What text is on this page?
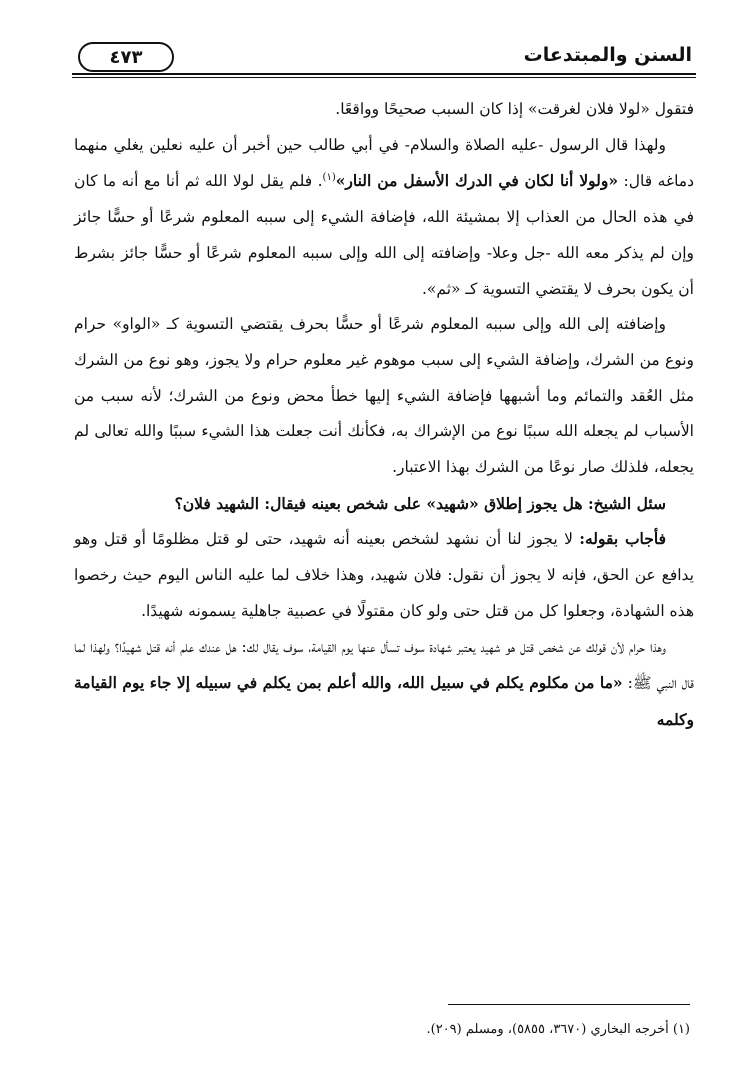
السنن والمبتدعات
٤٧٣

فتقول «لولا فلان لغرقت» إذا كان السبب صحيحًا وواقعًا.

ولهذا قال الرسول -عليه الصلاة والسلام- في أبي طالب حين أخبر أن عليه نعلين يغلي منهما دماغه قال: «ولولا أنا لكان في الدرك الأسفل من النار»$^{(١)}$. فلم يقل لولا الله ثم أنا مع أنه ما كان في هذه الحال من العذاب إلا بمشيئة الله، فإضافة الشيء إلى سببه المعلوم شرعًا أو حسًّا جائز وإن لم يذكر معه الله -جل وعلا- وإضافته إلى الله وإلى سببه المعلوم شرعًا أو حسًّا جائز بشرط أن يكون بحرف لا يقتضي التسوية كـ «ثم».

وإضافته إلى الله وإلى سببه المعلوم شرعًا أو حسًّا بحرف يقتضي التسوية كـ «الواو» حرام ونوع من الشرك، وإضافة الشيء إلى سبب موهوم غير معلوم حرام ولا يجوز، وهو نوع من الشرك مثل العُقد والتمائم وما أشبهها فإضافة الشيء إليها خطأ محض ونوع من الشرك؛ لأنه سبب من الأسباب لم يجعله الله سببًا نوع من الإشراك به، فكأنك أنت جعلت هذا الشيء سببًا والله تعالى لم يجعله، فلذلك صار نوعًا من الشرك بهذا الاعتبار.

سئل الشيخ: هل يجوز إطلاق «شهيد» على شخص بعينه فيقال: الشهيد فلان؟

فأجاب بقوله: لا يجوز لنا أن نشهد لشخص بعينه أنه شهيد، حتى لو قتل مظلومًا أو قتل وهو يدافع عن الحق، فإنه لا يجوز أن نقول: فلان شهيد، وهذا خلاف لما عليه الناس اليوم حيث رخصوا هذه الشهادة، وجعلوا كل من قتل حتى ولو كان مقتولًا في عصبية جاهلية يسمونه شهيدًا.

وهذا حرام لأن قولك عن شخص قتل هو شهيد يعتبر شهادة سوف تسأل عنها يوم القيامة، سوف يقال لك: هل عندك علم أنه قتل شهيدًا؟ ولهذا لما قال النبي ﷺ: «ما من مكلوم يكلم في سبيل الله، والله أعلم بمن يكلم في سبيله إلا جاء يوم القيامة وكلمه

(١) أخرجه البخاري (٣٦٧٠، ٥٨٥٥)، ومسلم (٢٠٩).
